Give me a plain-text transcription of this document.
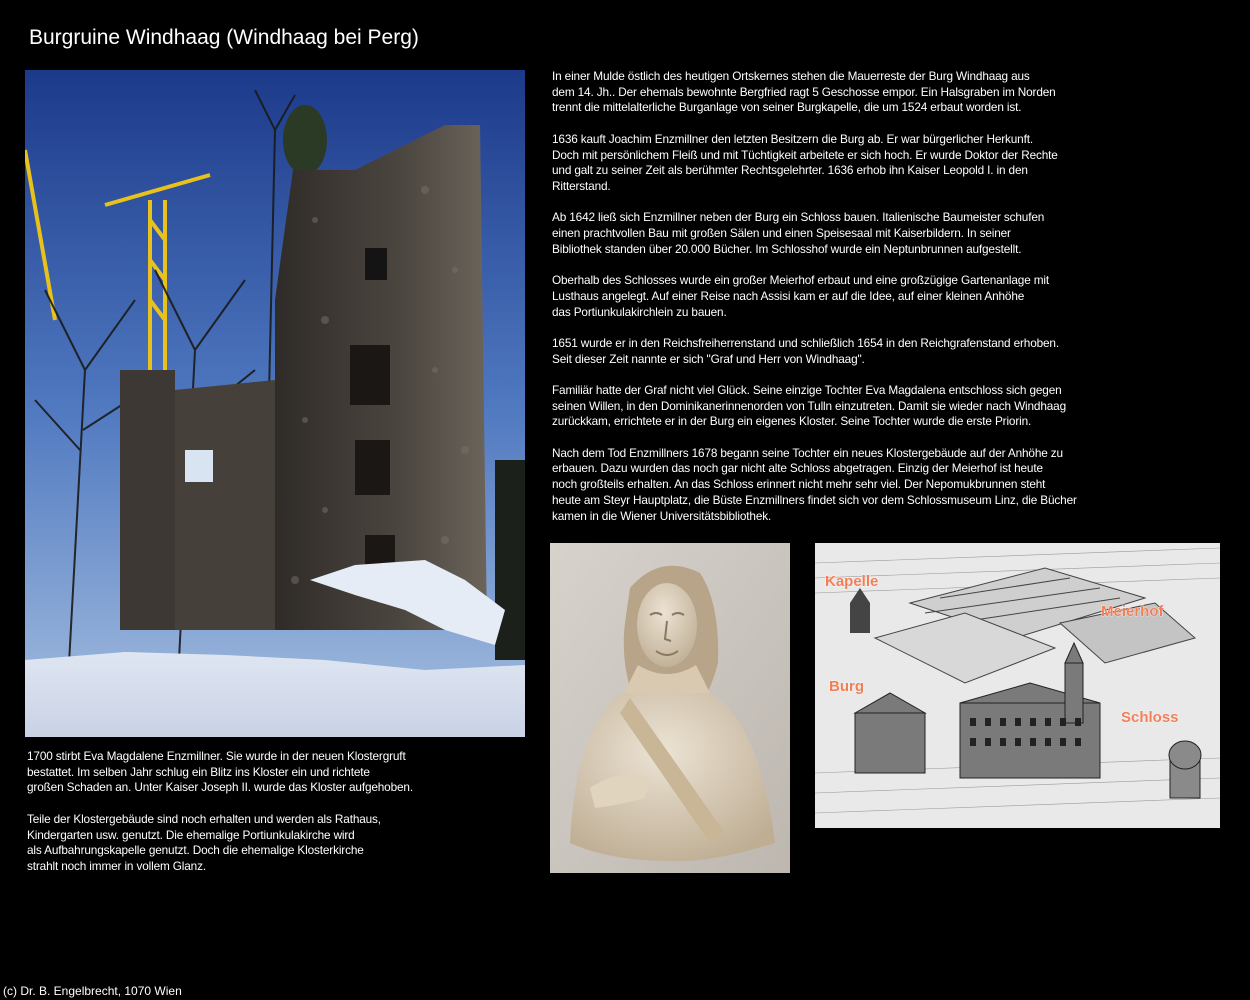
Burgruine Windhaag (Windhaag bei Perg)

In einer Mulde östlich des heutigen Ortskernes stehen die Mauerreste der Burg Windhaag aus
dem 14. Jh.. Der ehemals bewohnte Bergfried ragt 5 Geschosse empor. Ein Halsgraben im Norden
trennt die mittelalterliche Burganlage von seiner Burgkapelle, die um 1524 erbaut worden ist.

1636 kauft Joachim Enzmillner den letzten Besitzern die Burg ab. Er war bürgerlicher Herkunft.
Doch mit persönlichem Fleiß und mit Tüchtigkeit arbeitete er sich hoch. Er wurde Doktor der Rechte
und galt zu seiner Zeit als berühmter Rechtsgelehrter. 1636 erhob ihn Kaiser Leopold I. in den
Ritterstand.

Ab 1642 ließ sich Enzmillner neben der Burg ein Schloss bauen. Italienische Baumeister schufen
einen prachtvollen Bau mit großen Sälen und einen Speisesaal mit Kaiserbildern. In seiner
Bibliothek standen über 20.000 Bücher. Im Schlosshof wurde ein Neptunbrunnen aufgestellt.

Oberhalb des Schlosses wurde ein großer Meierhof erbaut und eine großzügige Gartenanlage mit
Lusthaus angelegt. Auf einer Reise nach Assisi kam er auf die Idee, auf einer kleinen Anhöhe
das Portiunkulakirchlein zu bauen.

1651 wurde er in den Reichsfreiherrenstand und schließlich 1654 in den Reichgrafenstand erhoben.
Seit dieser Zeit nannte er sich "Graf und Herr von Windhaag".

Familiär hatte der Graf nicht viel Glück. Seine einzige Tochter Eva Magdalena entschloss sich gegen
seinen Willen, in den Dominikanerinnenorden von Tulln einzutreten. Damit sie wieder nach Windhaag
zurückkam, errichtete er in der Burg ein eigenes Kloster. Seine Tochter wurde die erste Priorin.

Nach dem Tod Enzmillners 1678 begann seine Tochter ein neues Klostergebäude auf der Anhöhe zu
erbauen. Dazu wurden das noch gar nicht alte Schloss abgetragen. Einzig der Meierhof ist heute
noch großteils erhalten. An das Schloss erinnert nicht mehr sehr viel. Der Nepomukbrunnen steht
heute am Steyr Hauptplatz, die Büste Enzmillners findet sich vor dem Schlossmuseum Linz, die Bücher
kamen in die Wiener Universitätsbibliothek.

Kapelle
Meierhof
Burg
Schloss

1700 stirbt Eva Magdalene Enzmillner. Sie wurde in der neuen Klostergruft
bestattet. Im selben Jahr schlug ein Blitz ins Kloster ein und richtete
großen Schaden an. Unter Kaiser Joseph II. wurde das Kloster aufgehoben.

Teile der Klostergebäude sind noch erhalten und werden als Rathaus,
Kindergarten usw. genutzt. Die ehemalige Portiunkulakirche wird
als Aufbahrungskapelle genutzt. Doch die ehemalige Klosterkirche
strahlt noch immer in vollem Glanz.

(c) Dr. B. Engelbrecht, 1070 Wien
